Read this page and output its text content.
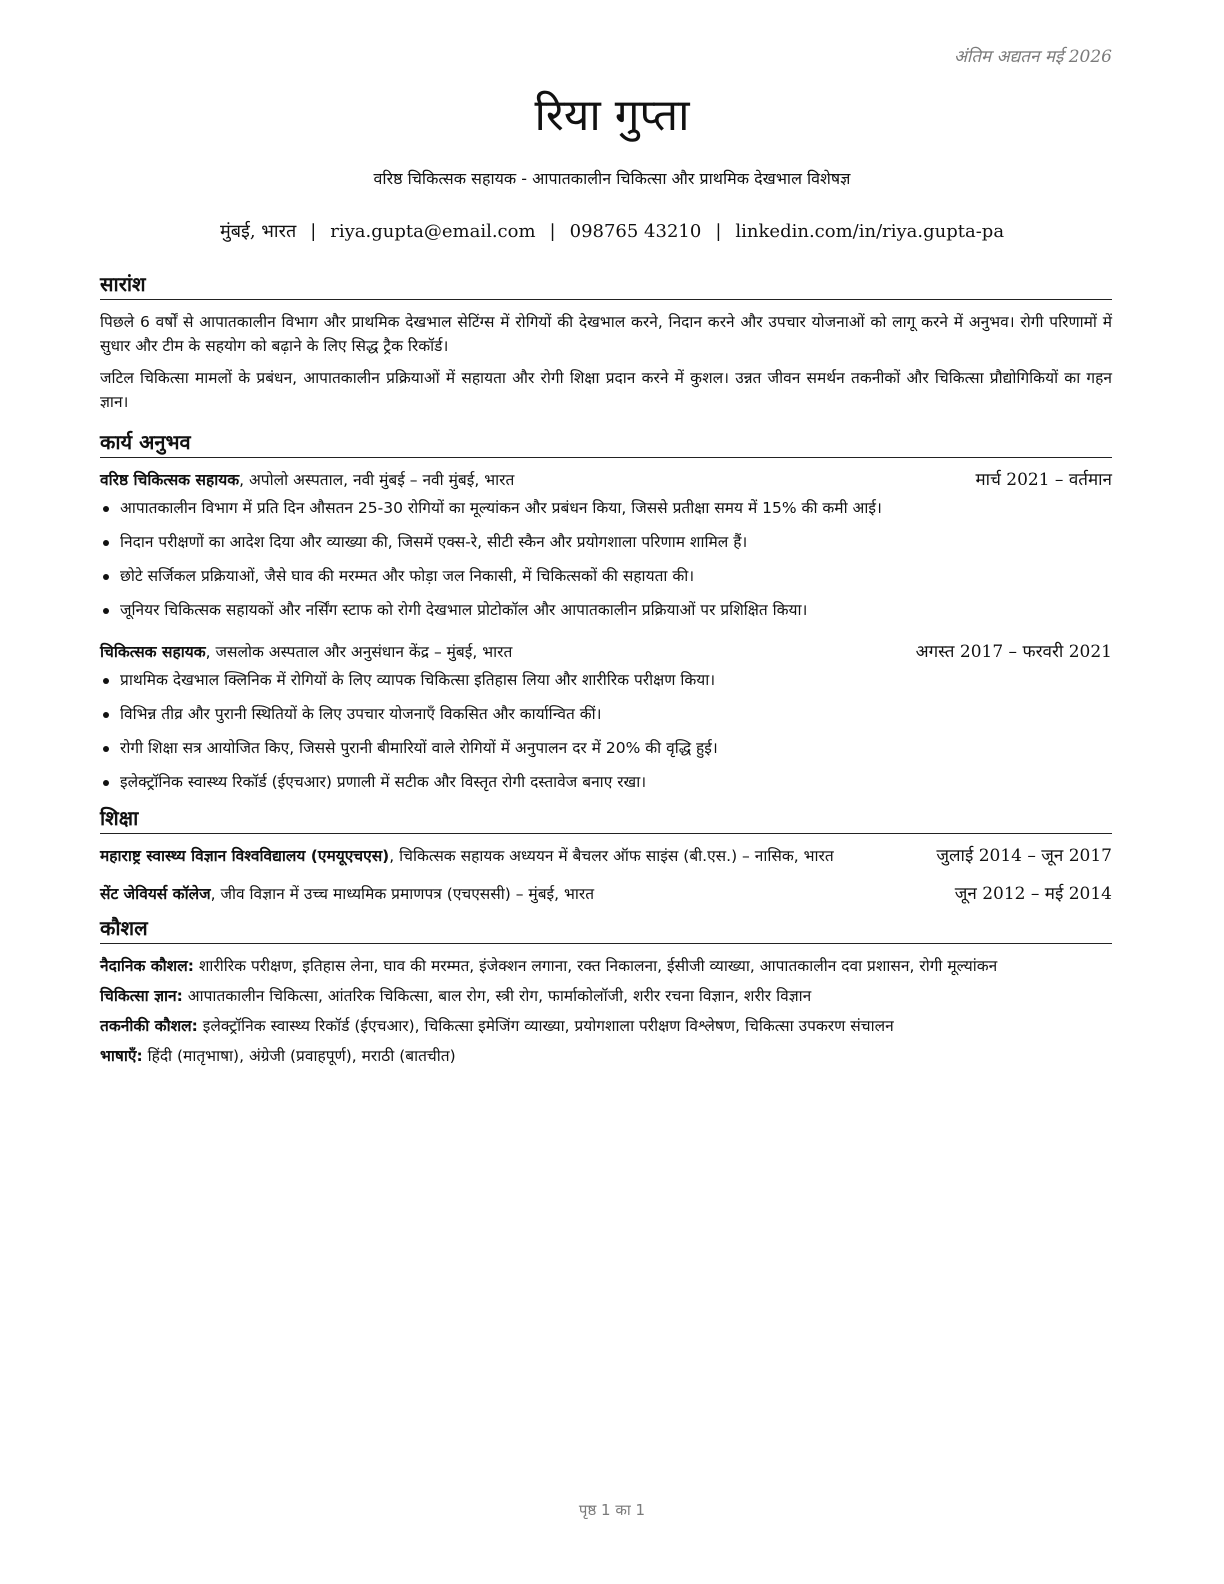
अंतिम अद्यतन मई 2026
रिया गुप्ता
वरिष्ठ चिकित्सक सहायक - आपातकालीन चिकित्सा और प्राथमिक देखभाल विशेषज्ञ
मुंबई, भारत | riya.gupta@email.com | 098765 43210 | linkedin.com/in/riya.gupta-pa
सारांश

पिछले 6 वर्षों से आपातकालीन विभाग और प्राथमिक देखभाल सेटिंग्स में रोगियों की देखभाल करने, निदान करने और उपचार योजनाओं को लागू करने में अनुभव। रोगी परिणामों में सुधार और टीम के सहयोग को बढ़ाने के लिए सिद्ध ट्रैक रिकॉर्ड।

जटिल चिकित्सा मामलों के प्रबंधन, आपातकालीन प्रक्रियाओं में सहायता और रोगी शिक्षा प्रदान करने में कुशल। उन्नत जीवन समर्थन तकनीकों और चिकित्सा प्रौद्योगिकियों का गहन ज्ञान।

कार्य अनुभव
वरिष्ठ चिकित्सक सहायक, अपोलो अस्पताल, नवी मुंबई – नवी मुंबई, भारत	मार्च 2021 – वर्तमान
आपातकालीन विभाग में प्रति दिन औसतन 25-30 रोगियों का मूल्यांकन और प्रबंधन किया, जिससे प्रतीक्षा समय में 15% की कमी आई।
निदान परीक्षणों का आदेश दिया और व्याख्या की, जिसमें एक्स-रे, सीटी स्कैन और प्रयोगशाला परिणाम शामिल हैं।
छोटे सर्जिकल प्रक्रियाओं, जैसे घाव की मरम्मत और फोड़ा जल निकासी, में चिकित्सकों की सहायता की।
जूनियर चिकित्सक सहायकों और नर्सिंग स्टाफ को रोगी देखभाल प्रोटोकॉल और आपातकालीन प्रक्रियाओं पर प्रशिक्षित किया।
चिकित्सक सहायक, जसलोक अस्पताल और अनुसंधान केंद्र – मुंबई, भारत	अगस्त 2017 – फरवरी 2021
प्राथमिक देखभाल क्लिनिक में रोगियों के लिए व्यापक चिकित्सा इतिहास लिया और शारीरिक परीक्षण किया।
विभिन्न तीव्र और पुरानी स्थितियों के लिए उपचार योजनाएँ विकसित और कार्यान्वित कीं।
रोगी शिक्षा सत्र आयोजित किए, जिससे पुरानी बीमारियों वाले रोगियों में अनुपालन दर में 20% की वृद्धि हुई।
इलेक्ट्रॉनिक स्वास्थ्य रिकॉर्ड (ईएचआर) प्रणाली में सटीक और विस्तृत रोगी दस्तावेज बनाए रखा।
शिक्षा
महाराष्ट्र स्वास्थ्य विज्ञान विश्वविद्यालय (एमयूएचएस), चिकित्सक सहायक अध्ययन में बैचलर ऑफ साइंस (बी.एस.) – नासिक, भारत	जुलाई 2014 – जून 2017
सेंट जेवियर्स कॉलेज, जीव विज्ञान में उच्च माध्यमिक प्रमाणपत्र (एचएससी) – मुंबई, भारत	जून 2012 – मई 2014
कौशल
नैदानिक कौशल: शारीरिक परीक्षण, इतिहास लेना, घाव की मरम्मत, इंजेक्शन लगाना, रक्त निकालना, ईसीजी व्याख्या, आपातकालीन दवा प्रशासन, रोगी मूल्यांकन
चिकित्सा ज्ञान: आपातकालीन चिकित्सा, आंतरिक चिकित्सा, बाल रोग, स्त्री रोग, फार्माकोलॉजी, शरीर रचना विज्ञान, शरीर विज्ञान
तकनीकी कौशल: इलेक्ट्रॉनिक स्वास्थ्य रिकॉर्ड (ईएचआर), चिकित्सा इमेजिंग व्याख्या, प्रयोगशाला परीक्षण विश्लेषण, चिकित्सा उपकरण संचालन
भाषाएँ: हिंदी (मातृभाषा), अंग्रेजी (प्रवाहपूर्ण), मराठी (बातचीत)
पृष्ठ 1 का 1
